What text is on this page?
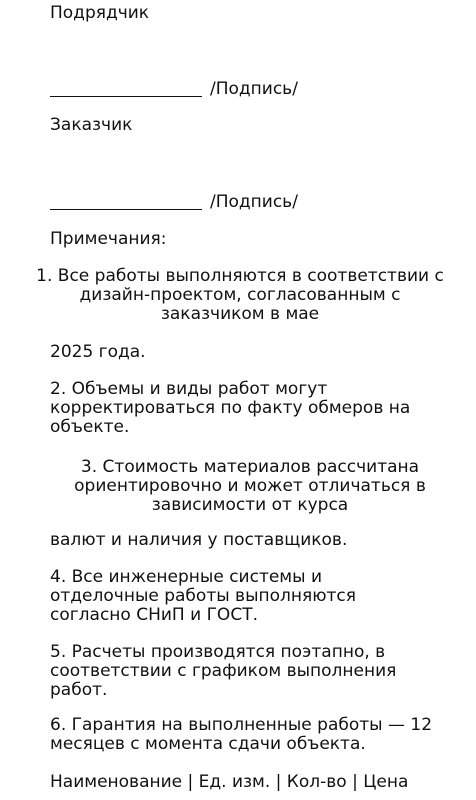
Подрядчик
/Подпись/
Заказчик
/Подпись/
Примечания:
1. Все работы выполняются в соответствии с дизайн-проектом, согласованным с заказчиком в мае
2025 года.
2. Объемы и виды работ могут корректироваться по факту обмеров на объекте.
3. Стоимость материалов рассчитана ориентировочно и может отличаться в зависимости от курса
валют и наличия у поставщиков.
4. Все инженерные системы и отделочные работы выполняются согласно СНиП и ГОСТ.
5. Расчеты производятся поэтапно, в соответствии с графиком выполнения работ.
6. Гарантия на выполненные работы — 12 месяцев с момента сдачи объекта.
Наименование | Ед. изм. | Кол-во | Цена
